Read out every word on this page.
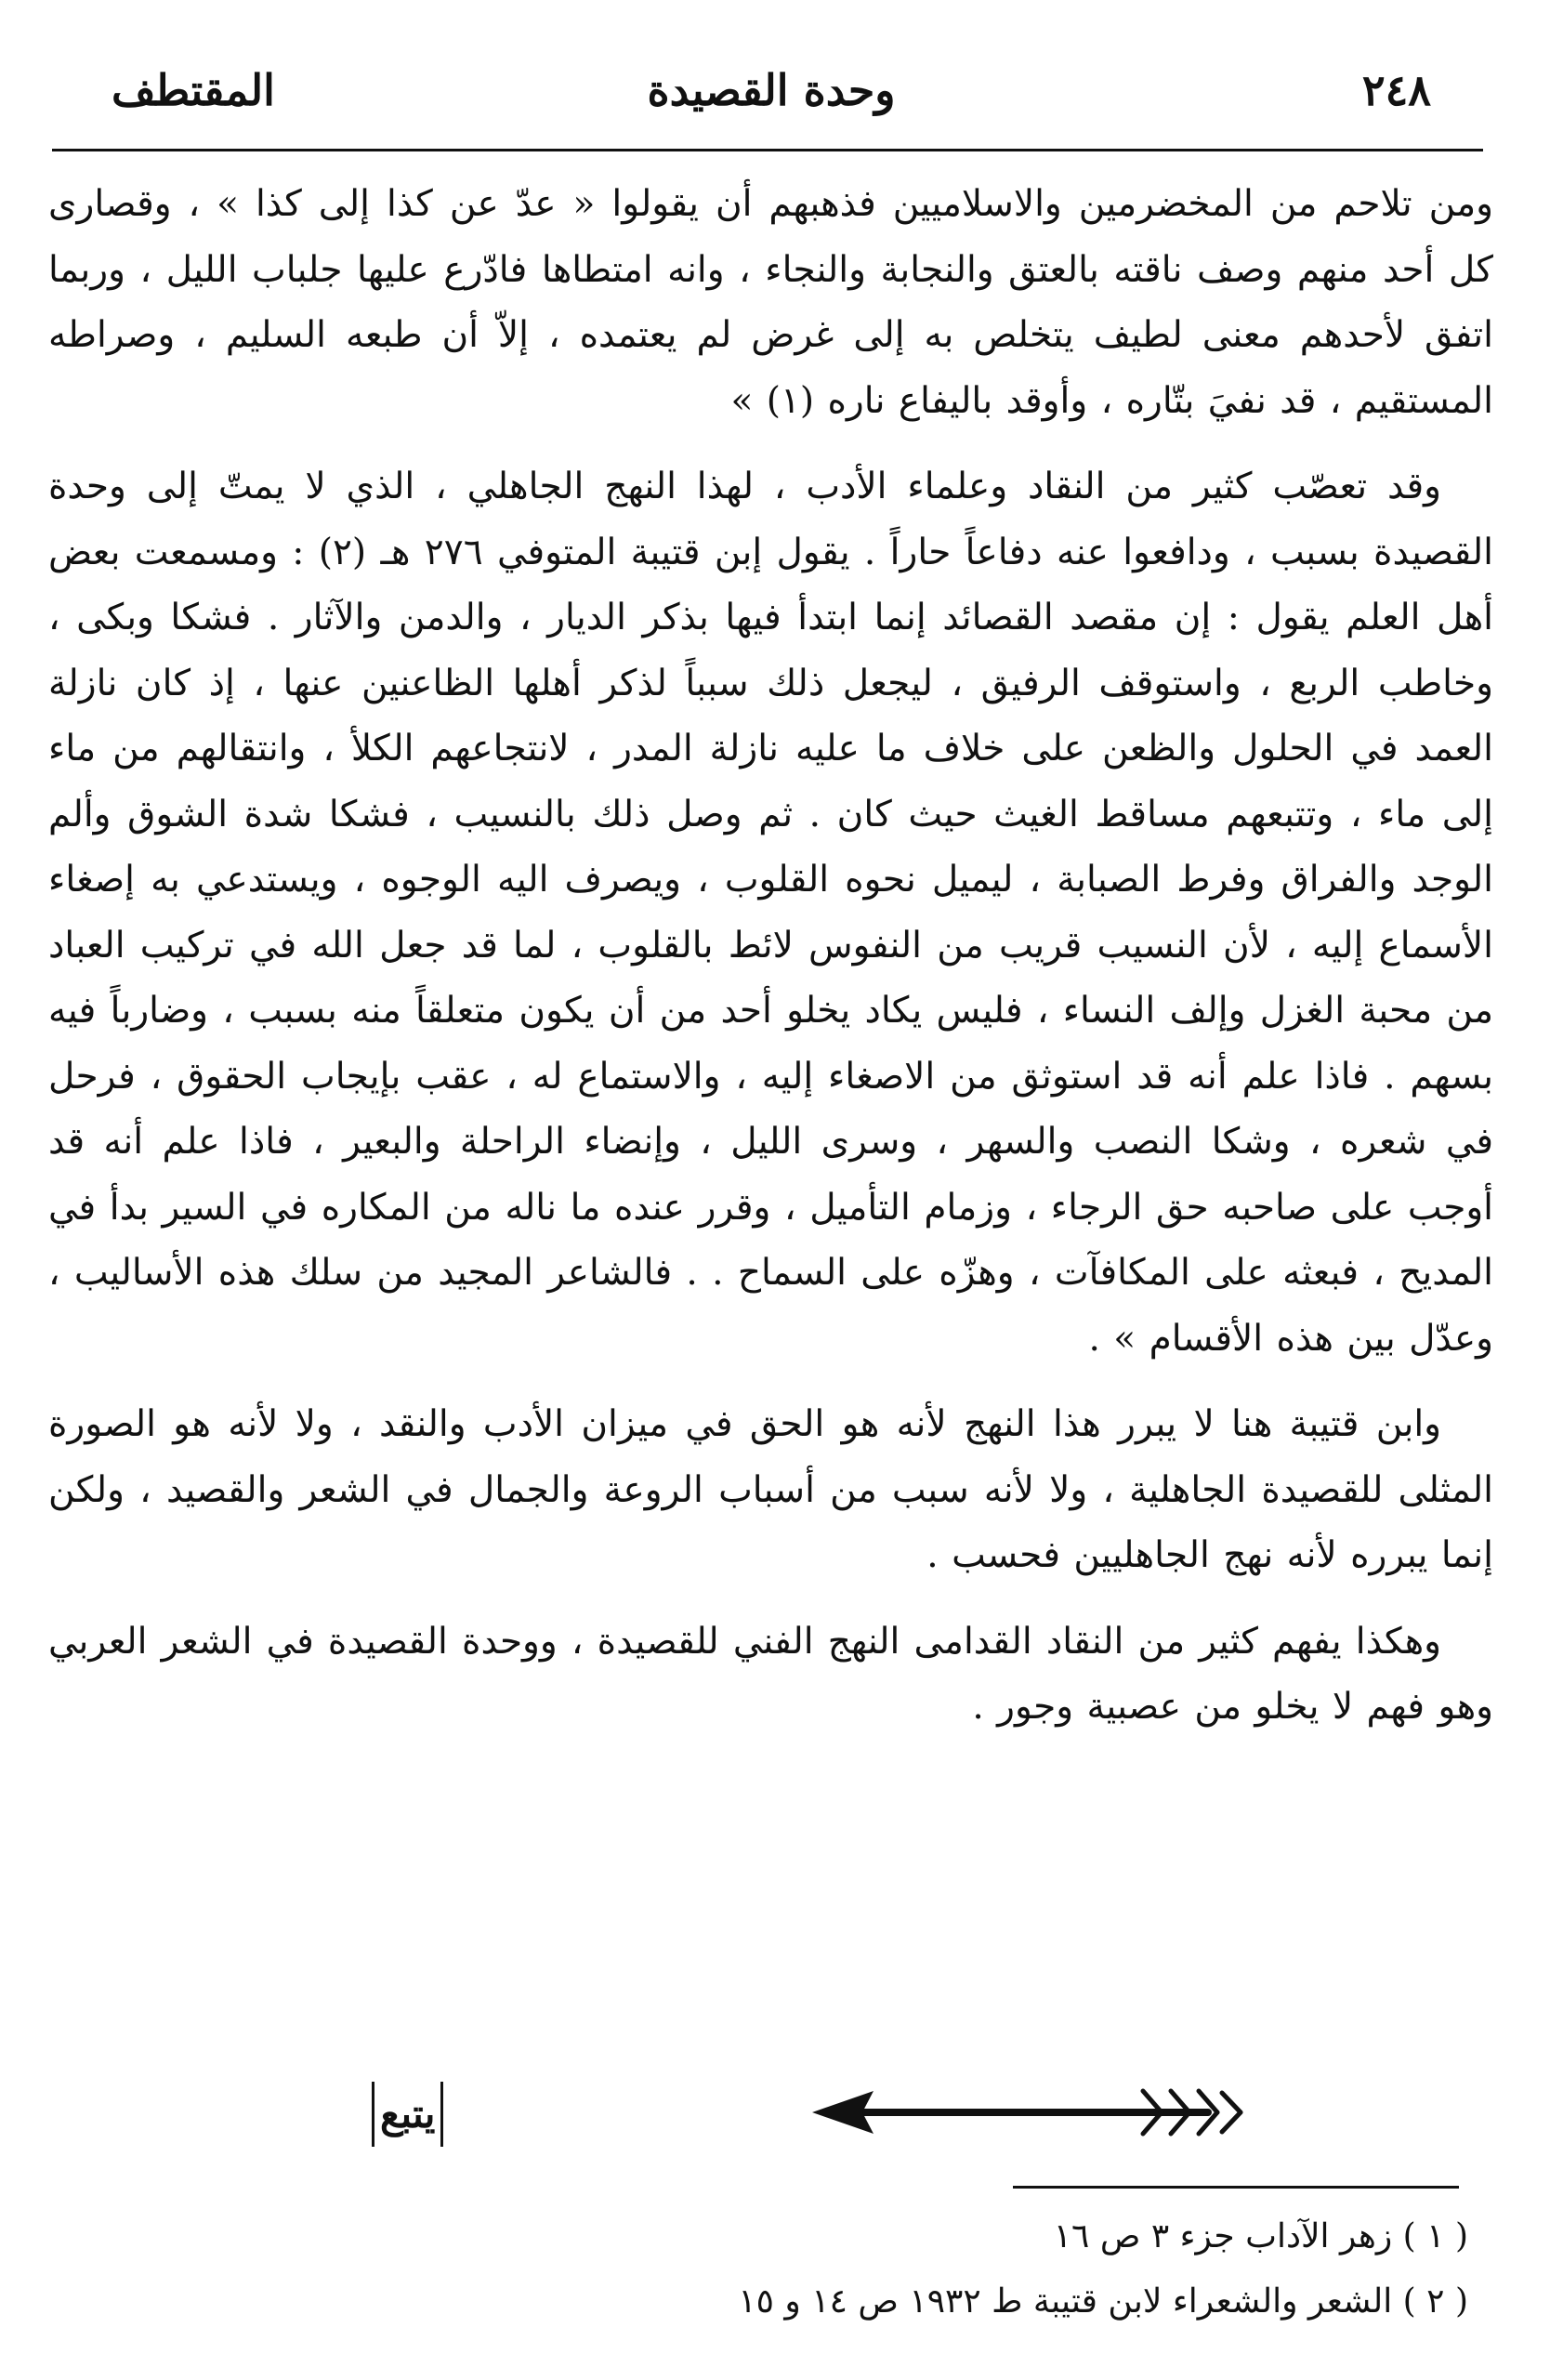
٢٤٨
وحدة القصيدة
المقتطف

ومن تلاحم من المخضرمين والاسلاميين فذهبهم أن يقولوا « عدّ عن كذا إلى كذا » ، وقصارى كل أحد منهم وصف ناقته بالعتق والنجابة والنجاء ، وانه امتطاها فادّرع عليها جلباب الليل ، وربما اتفق لأحدهم معنى لطيف يتخلص به إلى غرض لم يعتمده ، إلاّ أن طبعه السليم ، وصراطه المستقيم ، قد نفيَ بتّاره ، وأوقد باليفاع ناره (١) »

وقد تعصّب كثير من النقاد وعلماء الأدب ، لهذا النهج الجاهلي ، الذي لا يمتّ إلى وحدة القصيدة بسبب ، ودافعوا عنه دفاعاً حاراً . يقول إبن قتيبة المتوفي ٢٧٦ هـ (٢) : ومسمعت بعض أهل العلم يقول : إن مقصد القصائد إنما ابتدأ فيها بذكر الديار ، والدمن والآثار . فشكا وبكى ، وخاطب الربع ، واستوقف الرفيق ، ليجعل ذلك سبباً لذكر أهلها الظاعنين عنها ، إذ كان نازلة العمد في الحلول والظعن على خلاف ما عليه نازلة المدر ، لانتجاعهم الكلأ ، وانتقالهم من ماء إلى ماء ، وتتبعهم مساقط الغيث حيث كان . ثم وصل ذلك بالنسيب ، فشكا شدة الشوق وألم الوجد والفراق وفرط الصبابة ، ليميل نحوه القلوب ، ويصرف اليه الوجوه ، ويستدعي به إصغاء الأسماع إليه ، لأن النسيب قريب من النفوس لائط بالقلوب ، لما قد جعل الله في تركيب العباد من محبة الغزل وإلف النساء ، فليس يكاد يخلو أحد من أن يكون متعلقاً منه بسبب ، وضارباً فيه بسهم . فاذا علم أنه قد استوثق من الاصغاء إليه ، والاستماع له ، عقب بإيجاب الحقوق ، فرحل في شعره ، وشكا النصب والسهر ، وسرى الليل ، وإنضاء الراحلة والبعير ، فاذا علم أنه قد أوجب على صاحبه حق الرجاء ، وزمام التأميل ، وقرر عنده ما ناله من المكاره في السير بدأ في المديح ، فبعثه على المكافآت ، وهزّه على السماح . . فالشاعر المجيد من سلك هذه الأساليب ، وعدّل بين هذه الأقسام » .

وابن قتيبة هنا لا يبرر هذا النهج لأنه هو الحق في ميزان الأدب والنقد ، ولا لأنه هو الصورة المثلى للقصيدة الجاهلية ، ولا لأنه سبب من أسباب الروعة والجمال في الشعر والقصيد ، ولكن إنما يبرره لأنه نهج الجاهليين فحسب .

وهكذا يفهم كثير من النقاد القدامى النهج الفني للقصيدة ، ووحدة القصيدة في الشعر العربي وهو فهم لا يخلو من عصبية وجور .

يتبع
( ١ ) زهر الآداب جزء ٣ ص ١٦
( ٢ ) الشعر والشعراء لابن قتيبة ط ١٩٣٢ ص ١٤ و ١٥
